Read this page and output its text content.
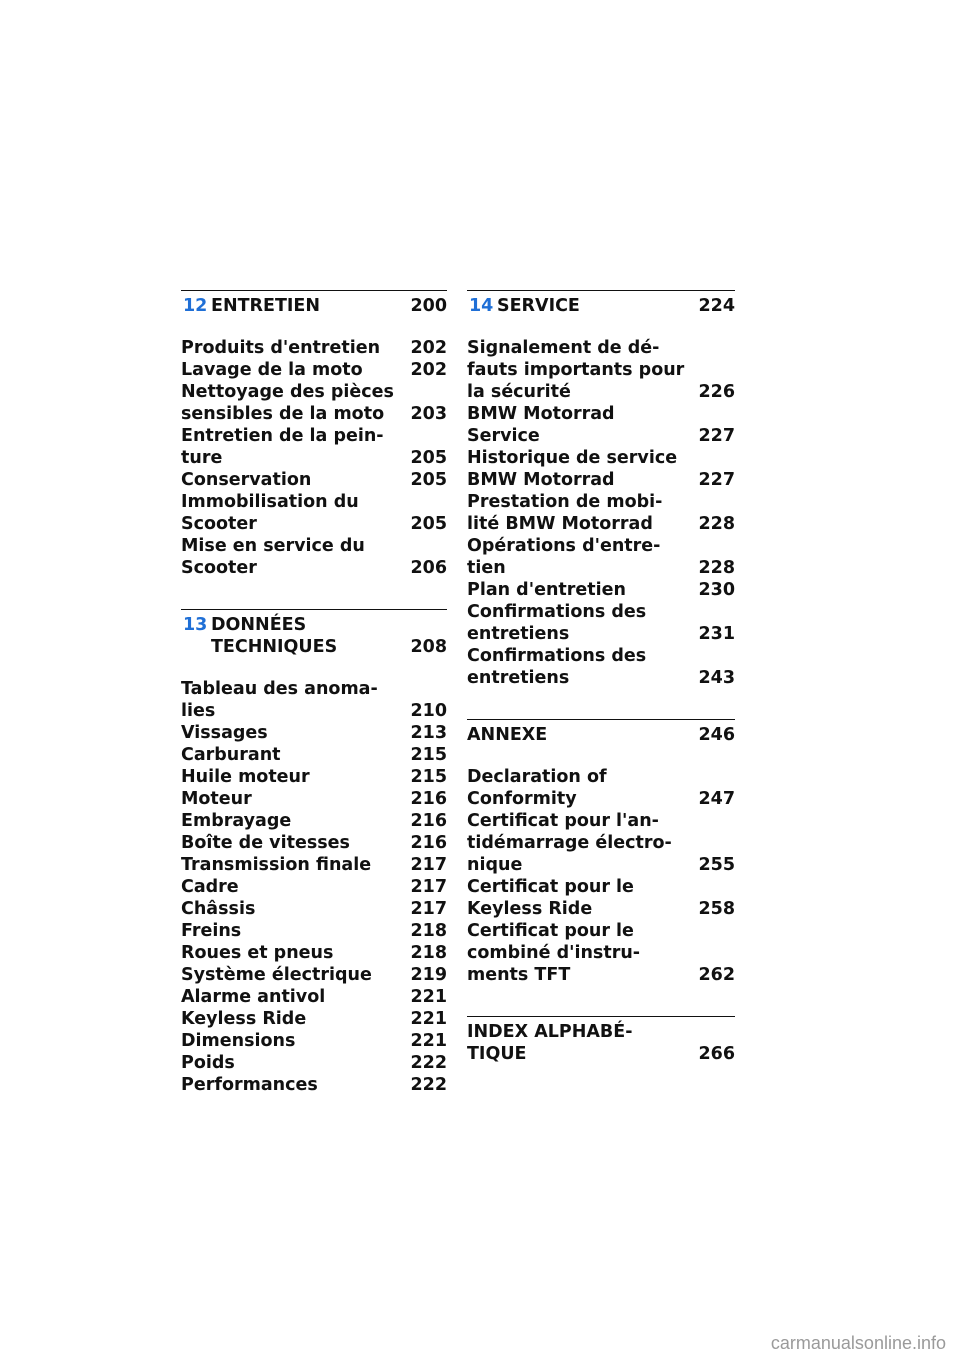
12 ENTRETIEN	200
Produits d'entretien 202
Lavage de la moto	202
Nettoyage des pièces
sensibles de la moto 203
Entretien de la pein-
ture	205
Conservation	205
Immobilisation du
Scooter	205
Mise en service du
Scooter	206
13 DONNÉES
TECHNIQUES	208
Tableau des anoma-
lies	210
Vissages	213
Carburant	215
Huile moteur	215
Moteur	216
Embrayage	216
Boîte de vitesses	216
Transmission finale 217
Cadre	217
Châssis	217
Freins	218
Roues et pneus	218
Système électrique 219
Alarme antivol	221
Keyless Ride	221
Dimensions	221
Poids	222
Performances	222
14 SERVICE	224
Signalement de dé-
fauts importants pour
la sécurité	226
BMW Motorrad
Service	227
Historique de service
BMW Motorrad	227
Prestation de mobi-
lité BMW Motorrad	228
Opérations d'entre-
tien	228
Plan d'entretien	230
Confirmations des
entretiens	231
Confirmations des
entretiens	243
ANNEXE	246
Declaration of
Conformity	247
Certificat pour l'an-
tidémarrage électro-
nique	255
Certificat pour le
Keyless Ride	258
Certificat pour le
combiné d'instru-
ments TFT	262
INDEX ALPHABÉ-
TIQUE	266
carmanualsonline.info
